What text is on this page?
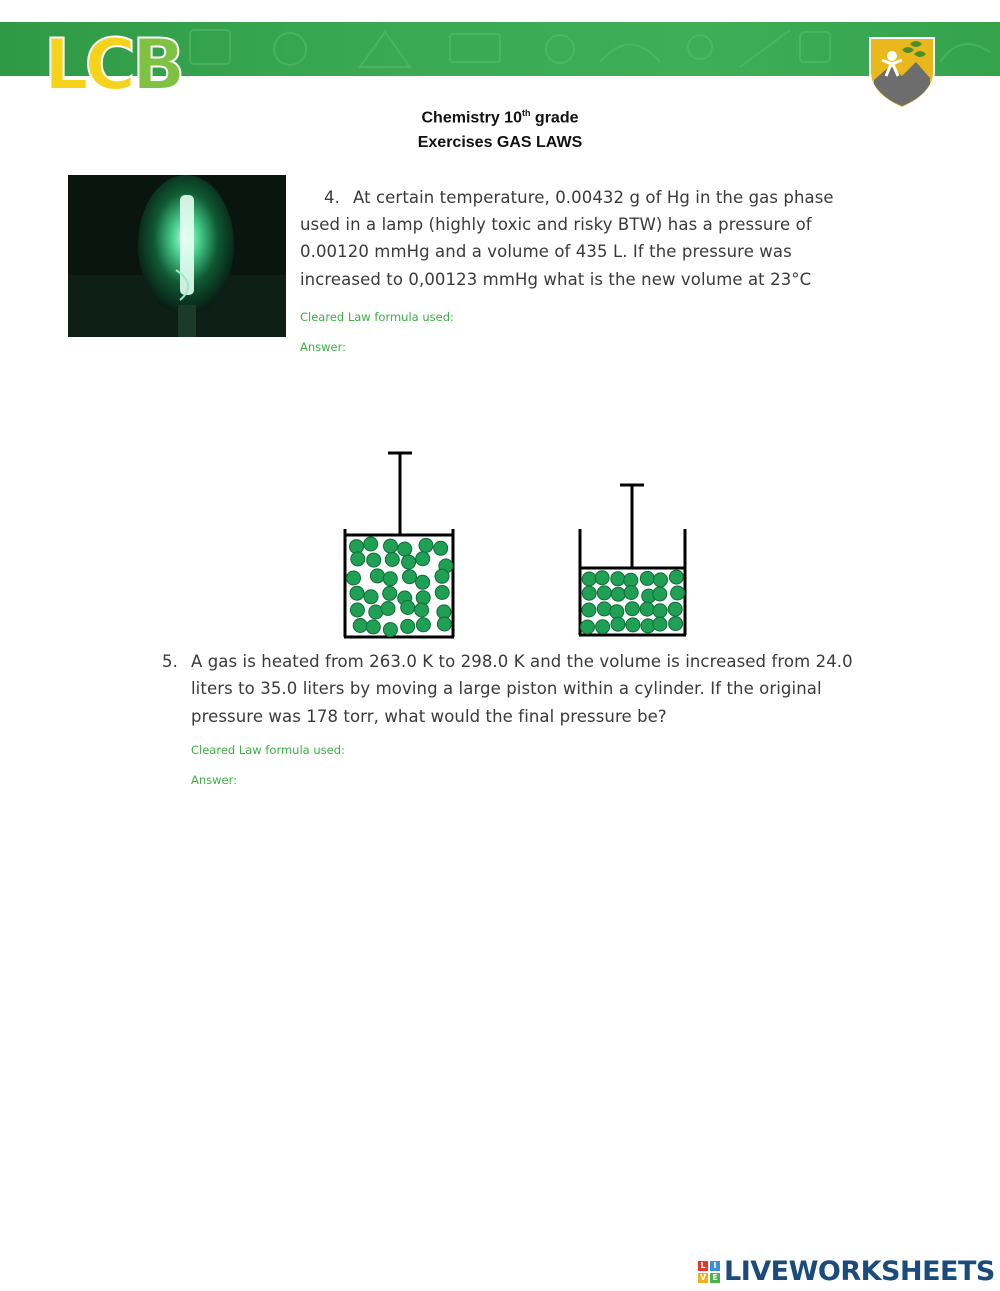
L C B
Chemistry 10th grade
Exercises GAS LAWS
4. At certain temperature, 0.00432 g of Hg in the gas phase
used in a lamp (highly toxic and risky BTW) has a pressure of
0.00120 mmHg and a volume of 435 L. If the pressure was
increased to 0,00123 mmHg what is the new volume at 23°C
Cleared Law formula used:
Answer:
5. A gas is heated from 263.0 K to 298.0 K and the volume is increased from 24.0
liters to 35.0 liters by moving a large piston within a cylinder. If the original
pressure was 178 torr, what would the final pressure be?
Cleared Law formula used:
Answer:
L I
V E LIVEWORKSHEETS
